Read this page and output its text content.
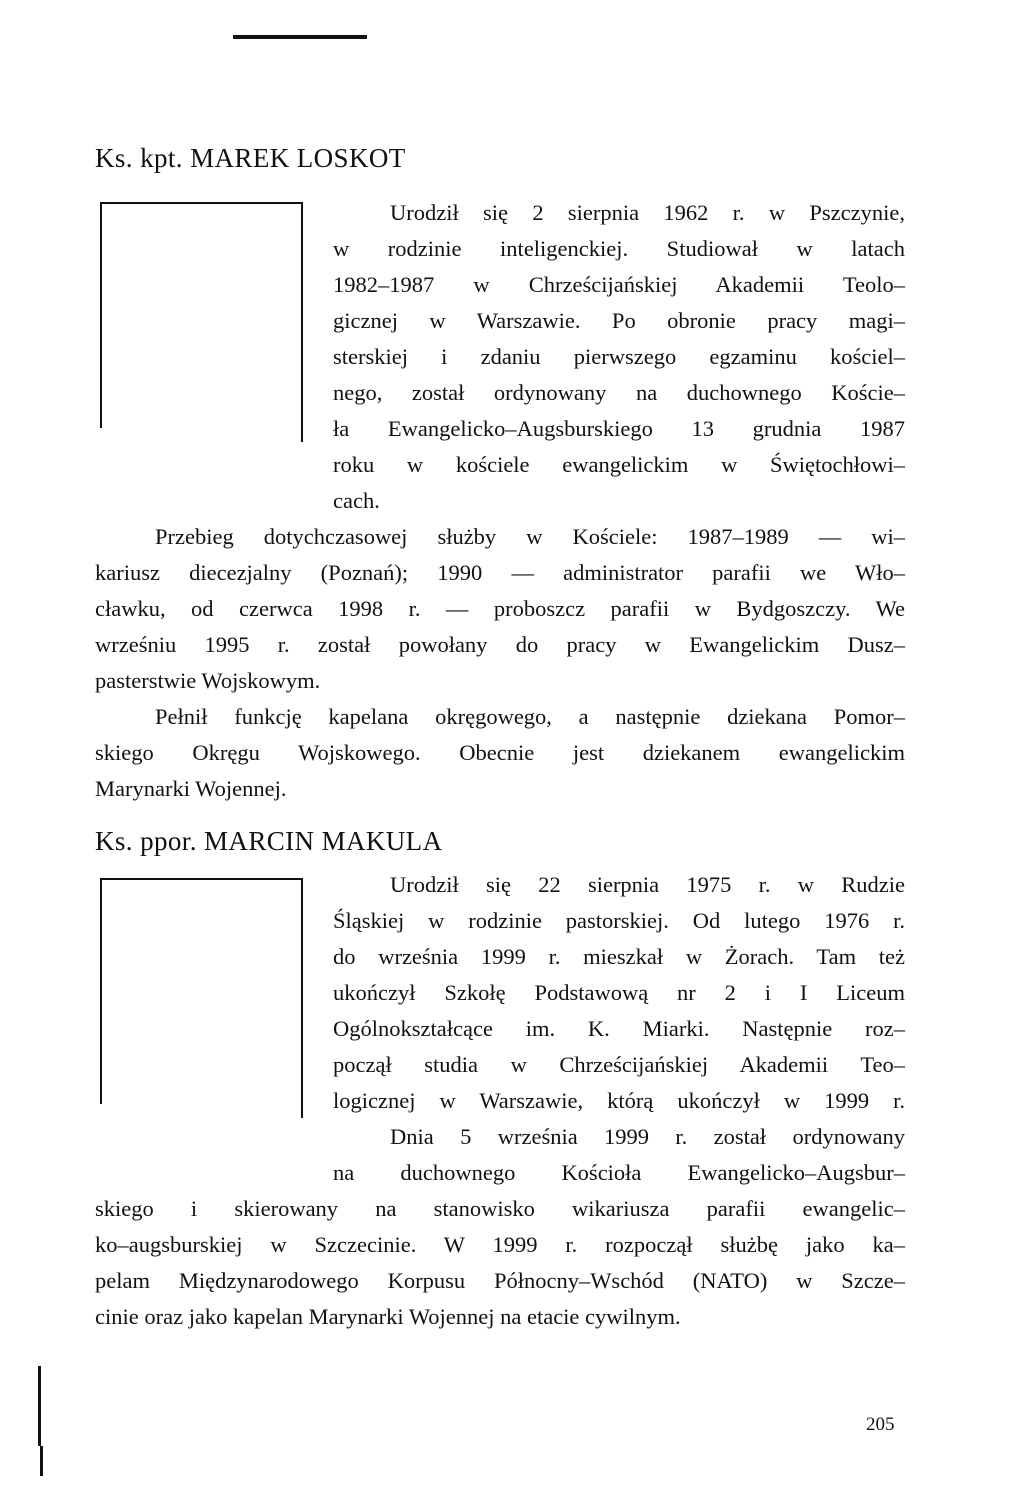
Ks. kpt. MAREK LOSKOT
Urodził się 2 sierpnia 1962 r. w Pszczynie,
w rodzinie inteligenckiej. Studiował w latach
1982–1987 w Chrześcijańskiej Akademii Teolo–
gicznej w Warszawie. Po obronie pracy magi–
sterskiej i zdaniu pierwszego egzaminu kościel–
nego, został ordynowany na duchownego Koście–
ła Ewangelicko–Augsburskiego 13 grudnia 1987
roku w kościele ewangelickim w Świętochłowi–
cach.
Przebieg dotychczasowej służby w Kościele: 1987–1989 — wi–
kariusz diecezjalny (Poznań); 1990 — administrator parafii we Wło–
cławku, od czerwca 1998 r. — proboszcz parafii w Bydgoszczy. We
wrześniu 1995 r. został powołany do pracy w Ewangelickim Dusz–
pasterstwie Wojskowym.
Pełnił funkcję kapelana okręgowego, a następnie dziekana Pomor–
skiego Okręgu Wojskowego. Obecnie jest dziekanem ewangelickim
Marynarki Wojennej.
Ks. ppor. MARCIN MAKULA
Urodził się 22 sierpnia 1975 r. w Rudzie
Śląskiej w rodzinie pastorskiej. Od lutego 1976 r.
do września 1999 r. mieszkał w Żorach. Tam też
ukończył Szkołę Podstawową nr 2 i I Liceum
Ogólnokształcące im. K. Miarki. Następnie roz–
począł studia w Chrześcijańskiej Akademii Teo–
logicznej w Warszawie, którą ukończył w 1999 r.
Dnia 5 września 1999 r. został ordynowany
na duchownego Kościoła Ewangelicko–Augsbur–
skiego i skierowany na stanowisko wikariusza parafii ewangelic–
ko–augsburskiej w Szczecinie. W 1999 r. rozpoczął służbę jako ka–
pelam Międzynarodowego Korpusu Północny–Wschód (NATO) w Szcze–
cinie oraz jako kapelan Marynarki Wojennej na etacie cywilnym.
205
